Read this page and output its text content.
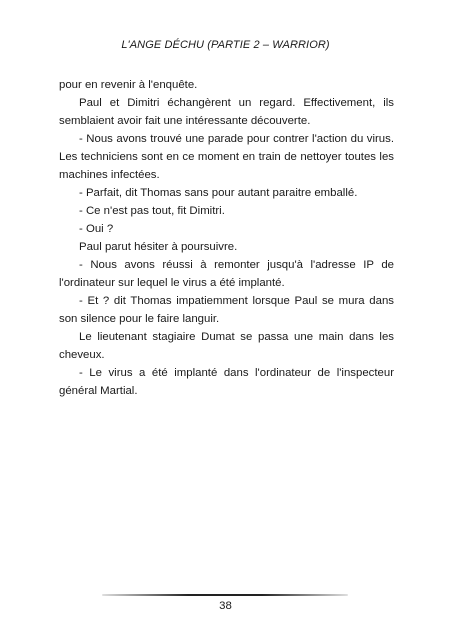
L'ANGE DÉCHU (PARTIE 2 – WARRIOR)

pour en revenir à l'enquête.

Paul et Dimitri échangèrent un regard. Effectivement, ils semblaient avoir fait une intéressante découverte.

- Nous avons trouvé une parade pour contrer l'action du virus. Les techniciens sont en ce moment en train de nettoyer toutes les machines infectées.

- Parfait, dit Thomas sans pour autant paraitre emballé.

- Ce n'est pas tout, fit Dimitri.

- Oui ?

Paul parut hésiter à poursuivre.

- Nous avons réussi à remonter jusqu'à l'adresse IP de l'ordinateur sur lequel le virus a été implanté.

- Et ? dit Thomas impatiemment lorsque Paul se mura dans son silence pour le faire languir.

Le lieutenant stagiaire Dumat se passa une main dans les cheveux.

- Le virus a été implanté dans l'ordinateur de l'inspecteur général Martial.

38
